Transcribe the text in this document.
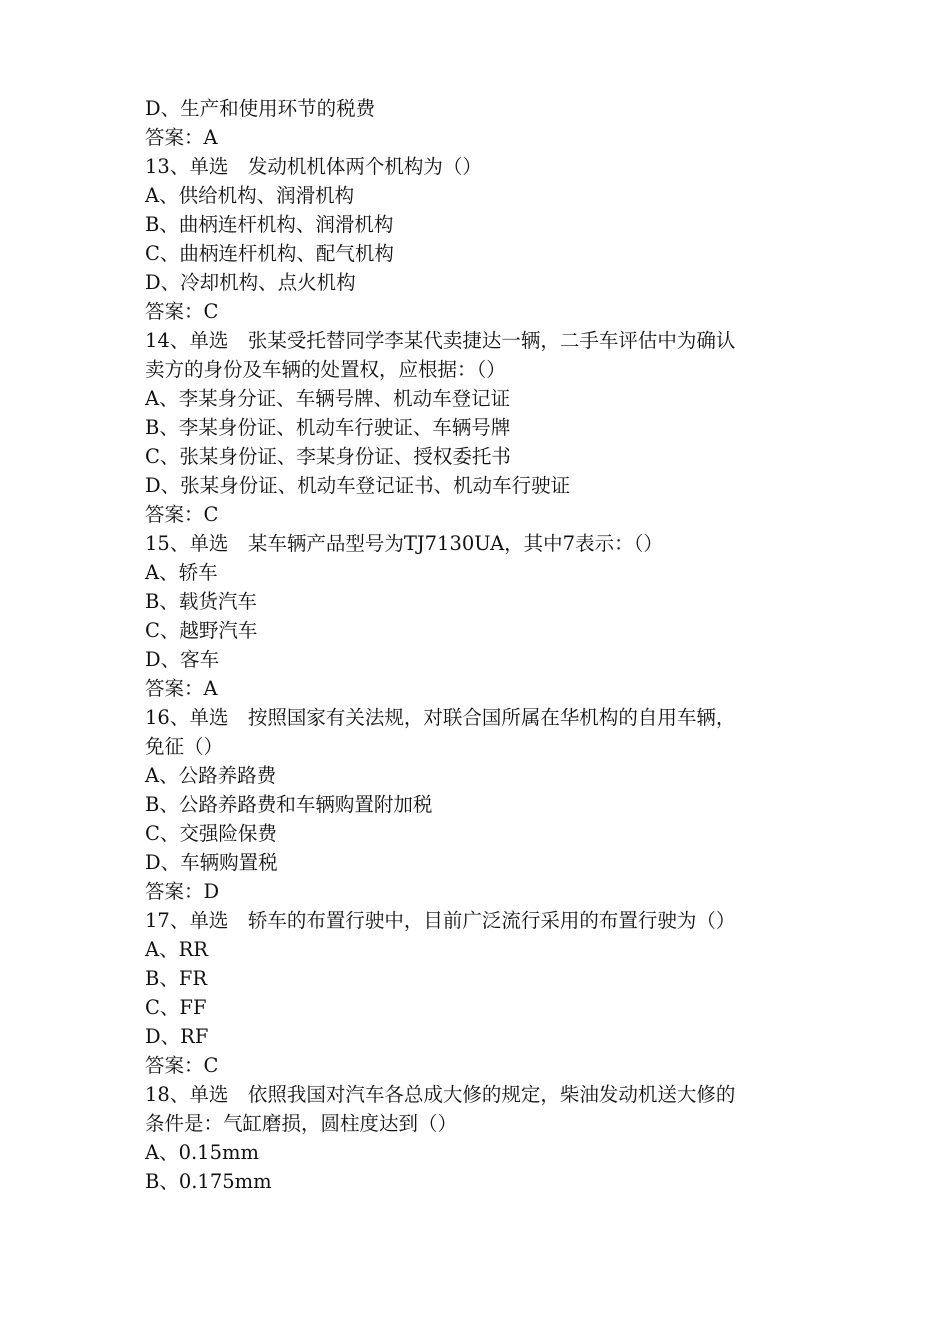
D、生产和使用环节的税费
答案：A
13、单选　发动机机体两个机构为（）
A、供给机构、润滑机构
B、曲柄连杆机构、润滑机构
C、曲柄连杆机构、配气机构
D、冷却机构、点火机构
答案：C
14、单选　张某受托替同学李某代卖捷达一辆，二手车评估中为确认
卖方的身份及车辆的处置权，应根据：（）
A、李某身分证、车辆号牌、机动车登记证
B、李某身份证、机动车行驶证、车辆号牌
C、张某身份证、李某身份证、授权委托书
D、张某身份证、机动车登记证书、机动车行驶证
答案：C
15、单选　某车辆产品型号为TJ7130UA，其中7表示：（）
A、轿车
B、载货汽车
C、越野汽车
D、客车
答案：A
16、单选　按照国家有关法规，对联合国所属在华机构的自用车辆，
免征（）
A、公路养路费
B、公路养路费和车辆购置附加税
C、交强险保费
D、车辆购置税
答案：D
17、单选　轿车的布置行驶中，目前广泛流行采用的布置行驶为（）
A、RR
B、FR
C、FF
D、RF
答案：C
18、单选　依照我国对汽车各总成大修的规定，柴油发动机送大修的
条件是：气缸磨损，圆柱度达到（）
A、0.15mm
B、0.175mm
